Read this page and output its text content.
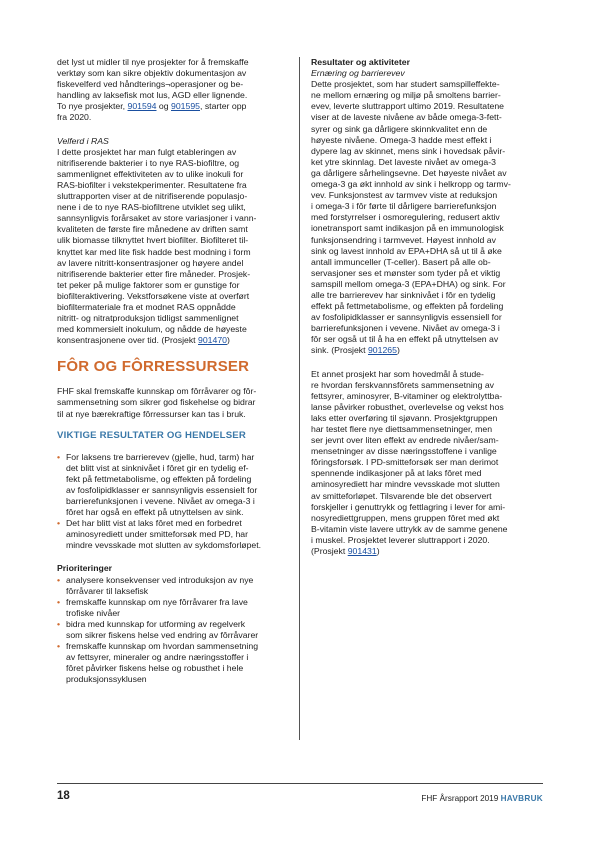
det lyst ut midler til nye prosjekter for å fremskaffe
verktøy som kan sikre objektiv dokumentasjon av
fiskevelferd ved håndterings¬operasjoner og be-
handling av laksefisk mot lus, AGD eller lignende.
To nye prosjekter, 901594 og 901595, starter opp
fra 2020.

Velferd i RAS

I dette prosjektet har man fulgt etableringen av
nitrifiserende bakterier i to nye RAS-biofiltre, og
sammenlignet effektiviteten av to ulike inokuli for
RAS-biofilter i vekstekperimenter. Resultatene fra
sluttrapporten viser at de nitrifiserende populasjo-
nene i de to nye RAS-biofiltrene utviklet seg ulikt,
sannsynligvis forårsaket av store variasjoner i vann-
kvaliteten de første fire månedene av driften samt
ulik biomasse tilknyttet hvert biofilter. Biofilteret til-
knyttet kar med lite fisk hadde best modning i form
av lavere nitritt-konsentrasjoner og høyere andel
nitrifiserende bakterier etter fire måneder. Prosjek-
tet peker på mulige faktorer som er gunstige for
biofilteraktivering. Vekstforsøkene viste at overført
biofiltermateriale fra et modnet RAS oppnådde
nitritt- og nitratproduksjon tidligst sammenlignet
med kommersielt inokulum, og nådde de høyeste
konsentrasjonene over tid. (Prosjekt 901470)

FÔR OG FÔRRESSURSER

FHF skal fremskaffe kunnskap om fôrråvarer og fôr-
sammensetning som sikrer god fiskehelse og bidrar
til at nye bærekraftige fôrressurser kan tas i bruk.

VIKTIGE RESULTATER OG HENDELSER
• For laksens tre barrierevev (gjelle, hud, tarm) har
det blitt vist at sinknivået i fôret gir en tydelig ef-
fekt på fettmetabolisme, og effekten på fordeling
av fosfolipidklasser er sannsynligvis essensielt for
barrierefunksjonen i vevene. Nivået av omega-3 i
fôret har også en effekt på utnyttelsen av sink.
• Det har blitt vist at laks fôret med en forbedret
aminosyrediett under smitteforsøk med PD, har
mindre vevsskade mot slutten av sykdomsforløpet.

Prioriteringer

• analysere konsekvenser ved introduksjon av nye
fôrråvarer til laksefisk
• fremskaffe kunnskap om nye fôrråvarer fra lave
trofiske nivåer
• bidra med kunnskap for utforming av regelverk
som sikrer fiskens helse ved endring av fôrråvarer
• fremskaffe kunnskap om hvordan sammensetning
av fettsyrer, mineraler og andre næringsstoffer i
fôret påvirker fiskens helse og robusthet i hele
produksjonssyklusen

Resultater og aktiviteter

Ernæring og barrierevev

Dette prosjektet, som har studert samspilleffekte-
ne mellom ernæring og miljø på smoltens barrier-
evev, leverte sluttrapport ultimo 2019. Resultatene
viser at de laveste nivåene av både omega-3-fett-
syrer og sink ga dårligere skinnkvalitet enn de
høyeste nivåene. Omega-3 hadde mest effekt i
dypere lag av skinnet, mens sink i hovedsak påvir-
ket ytre skinnlag. Det laveste nivået av omega-3
ga dårligere sårhelingsevne. Det høyeste nivået av
omega-3 ga økt innhold av sink i helkropp og tarmv-
vev. Funksjonstest av tarmvev viste at reduksjon
i omega-3 i fôr førte til dårligere barrierefunksjon
med forstyrrelser i osmoregulering, redusert aktiv
ionetransport samt indikasjon på en immunologisk
funksjonsendring i tarmvevet. Høyest innhold av
sink og lavest innhold av EPA+DHA så ut til å øke
antall immunceller (T-celler). Basert på alle ob-
servasjoner ses et mønster som tyder på et viktig
samspill mellom omega-3 (EPA+DHA) og sink. For
alle tre barrierevev har sinknivået i fôr en tydelig
effekt på fettmetabolisme, og effekten på fordeling
av fosfolipidklasser er sannsynligvis essensiell for
barrierefunksjonen i vevene. Nivået av omega-3 i
fôr ser også ut til å ha en effekt på utnyttelsen av
sink. (Prosjekt 901265)

Et annet prosjekt har som hovedmål å stude-
re hvordan ferskvannsfôrets sammensetning av
fettsyrer, aminosyrer, B-vitaminer og elektrolyttba-
lanse påvirker robusthet, overlevelse og vekst hos
laks etter overføring til sjøvann. Prosjektgruppen
har testet flere nye diettsammensetninger, men
ser jevnt over liten effekt av endrede nivåer/sam-
mensetninger av disse næringsstoffene i vanlige
fôringsforsøk. I PD-smitteforsøk ser man derimot
spennende indikasjoner på at laks fôret med
aminosyrediett har mindre vevsskade mot slutten
av smitteforløpet. Tilsvarende ble det observert
forskjeller i genuttrykk og fettlagring i lever for ami-
nosyrediettgruppen, mens gruppen fôret med økt
B-vitamin viste lavere uttrykk av de samme genene
i muskel. Prosjektet leverer sluttrapport i 2020.
(Prosjekt 901431)

18	FHF Årsrapport 2019 HAVBRUK
